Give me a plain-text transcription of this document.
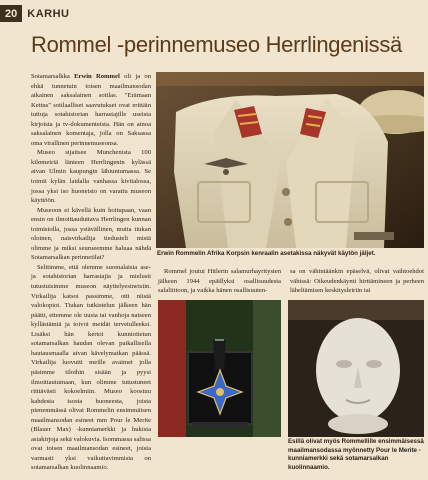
20 KARHU
Rommel -perinnemuseo Herrlingenissä

Sotamarsalkka Erwin Rommel oli ja on ehkä tunnetuin toisen maailmansodan aikainen saksalainen sotilas. "Erämaan Kettus" sotilaalliset saavutukset ovat erittäin tuttuja sotahistorian harrastajille useista kirjoista ja tv-dokumenteista. Hän on ainoa saksalainen komentaja, jolla on Saksassa oma virallinen perinnemuseonsa.

Museo sijaitsee Munchenista 100 kilometriä länteen Herrlingenin kylässä aivan Ulmin kaupungin lähiuntumassa. Se toimii kylän laidalla vanhassa kivitalossa, jossa yksi iso huoneisto on varattu museon käyttöön.

Museoon ei kävellä kuin hoitupaan, vaan ensin on ilmoittauduttava Herrlingen kunnan toimistolla, jossa ystävällinen, mutta tiukan oloinen, naisvirkailija tiedusteli mistä olimme ja miksi seurueemme haluaa nähdä Sotamarsalkan perinnetilat?

Selitimme, että olemme suomalaisia ase- ja sotahistorian harrastajia ja mielusti tutustuisimme museon näyttelyesineisiin. Virkailija katsoi passimme, otti niistä valokopiot. Tiukan tutkistelun jälkeen hän päätti, ettemme ole uusia tai vanhoja natseen kyllästämiä ja toivoi meidät tervetulleeksi. Lisäksi hän kertoi kunnioitetun sotamarsalkan haudan olevan paikallisella hautausmaalla aivan kävelymatkan päässä. Virkailija luovutti meille avaimet jolla päsimme tiloihin sisään ja pyysi ilmoittautumaan, kun olimme tutustuneet riittävästi kokoelmiin. Museo koostuu kahdesta isosta huoneesta, joista pienemmässä olivat Rommelin ensimmäisen maailmansodan esineet mm Pour le Merite (Blauer Max) -kunniamerkki ja hukista asiakirjoja sekä valokuvia. Isommassa salissa ovat toisen maailmansodan esineet, joista varmasti yksi vaikuttavimmista on sotamarsalkan kuolinnaamio.

Erwin Rommelin Afrika Korpsin kenraalin asetakissa näkyvät käytön jäljet.

Rommel joutui Hitlerin salamurhayritysten jälkeen 1944 epäillyksi osallisuudesta salaliittoon, ja vaikka hänen osallisuuten-

sa on vähintäänkin epäselvä, olivat vaihtoehdot vähissä: Oikeudenkäynti hirttämineen ja perheen läheltämisen keskitysleiriin tai

Esillä olivat myös Rommellille ensimmäisessä maailmansodassa myönnetty Pour le Merite -kunniamerkki sekä sotamarsalkan kuolinnaamio.
